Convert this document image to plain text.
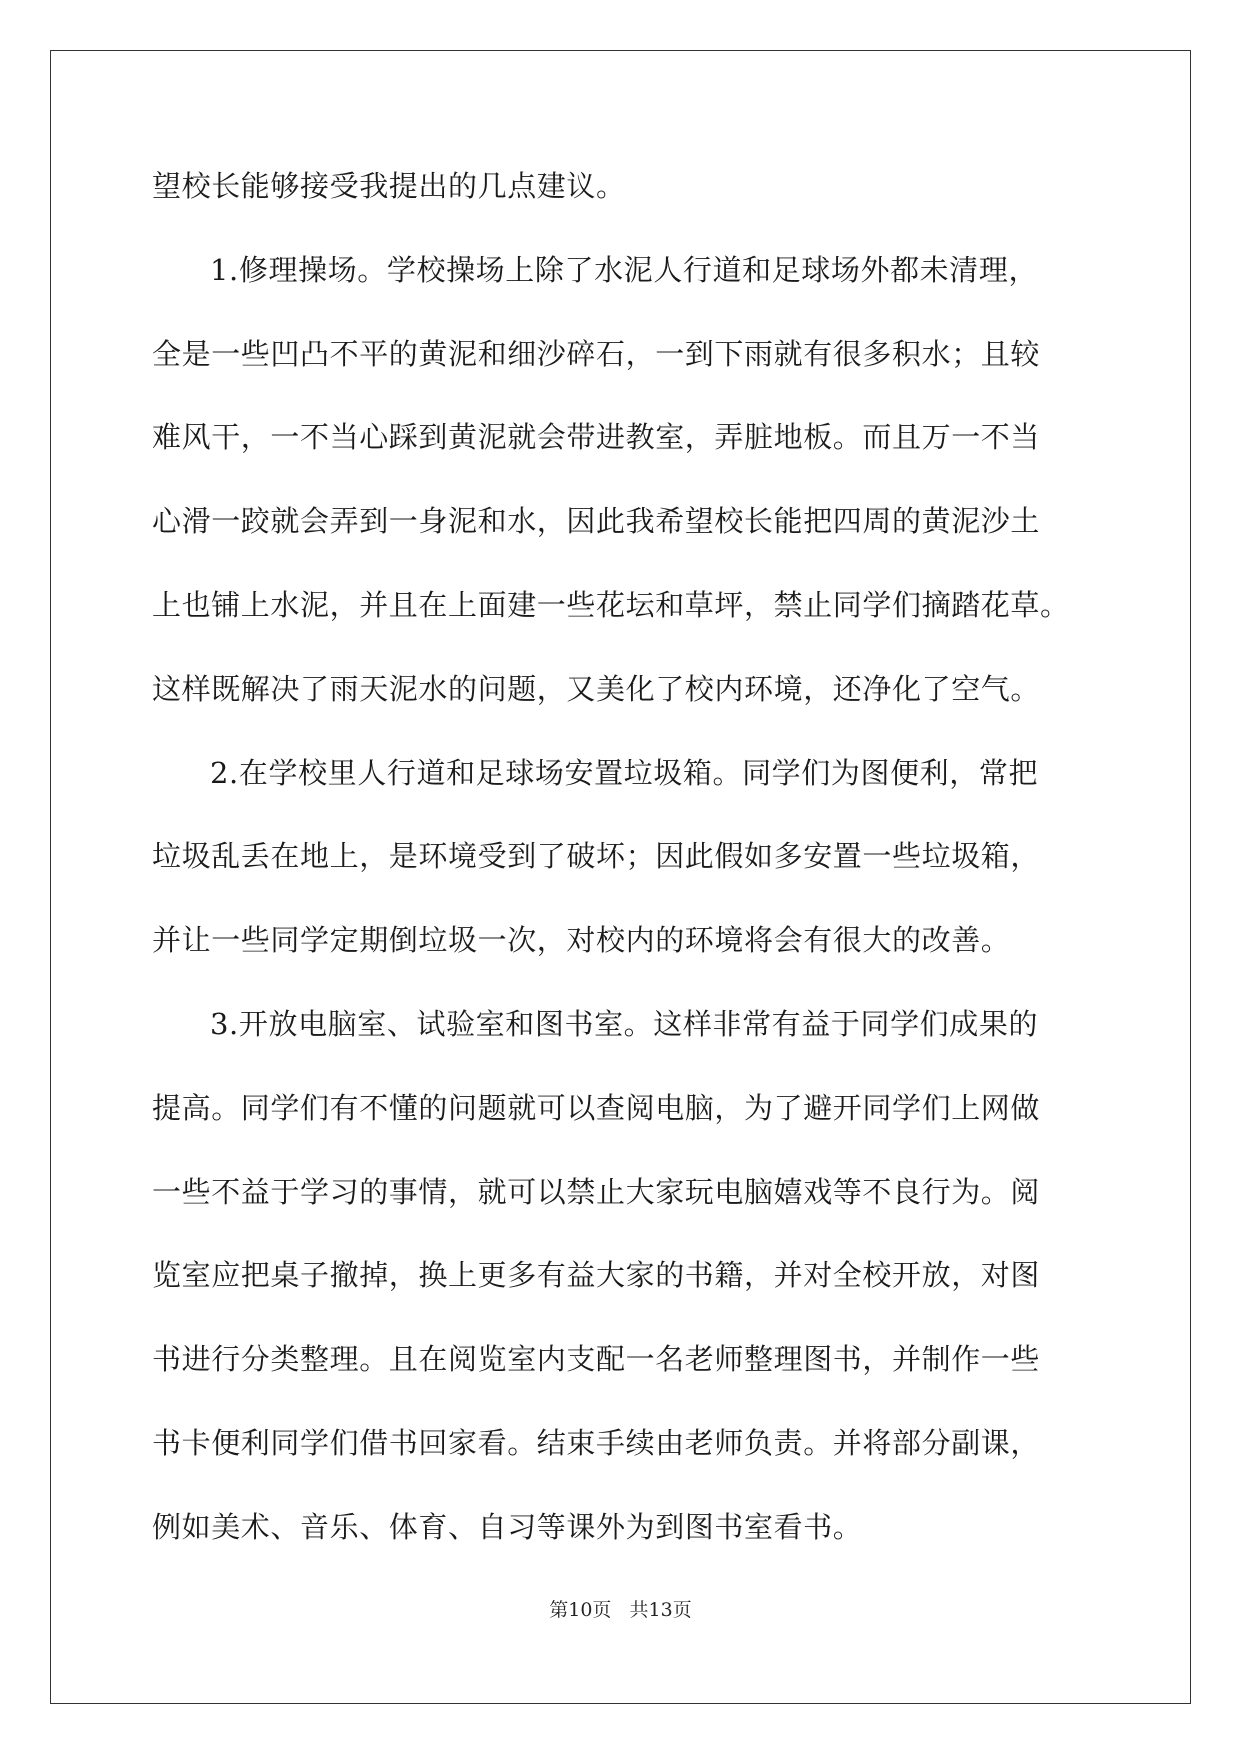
望校长能够接受我提出的几点建议。
1.修理操场。学校操场上除了水泥人行道和足球场外都未清理，
全是一些凹凸不平的黄泥和细沙碎石，一到下雨就有很多积水；且较
难风干，一不当心踩到黄泥就会带进教室，弄脏地板。而且万一不当
心滑一跤就会弄到一身泥和水，因此我希望校长能把四周的黄泥沙土
上也铺上水泥，并且在上面建一些花坛和草坪，禁止同学们摘踏花草。
这样既解决了雨天泥水的问题，又美化了校内环境，还净化了空气。
2.在学校里人行道和足球场安置垃圾箱。同学们为图便利，常把
垃圾乱丢在地上，是环境受到了破坏；因此假如多安置一些垃圾箱，
并让一些同学定期倒垃圾一次，对校内的环境将会有很大的改善。
3.开放电脑室、试验室和图书室。这样非常有益于同学们成果的
提高。同学们有不懂的问题就可以查阅电脑，为了避开同学们上网做
一些不益于学习的事情，就可以禁止大家玩电脑嬉戏等不良行为。阅
览室应把桌子撤掉，换上更多有益大家的书籍，并对全校开放，对图
书进行分类整理。且在阅览室内支配一名老师整理图书，并制作一些
书卡便利同学们借书回家看。结束手续由老师负责。并将部分副课，
例如美术、音乐、体育、自习等课外为到图书室看书。
第10页   共13页
